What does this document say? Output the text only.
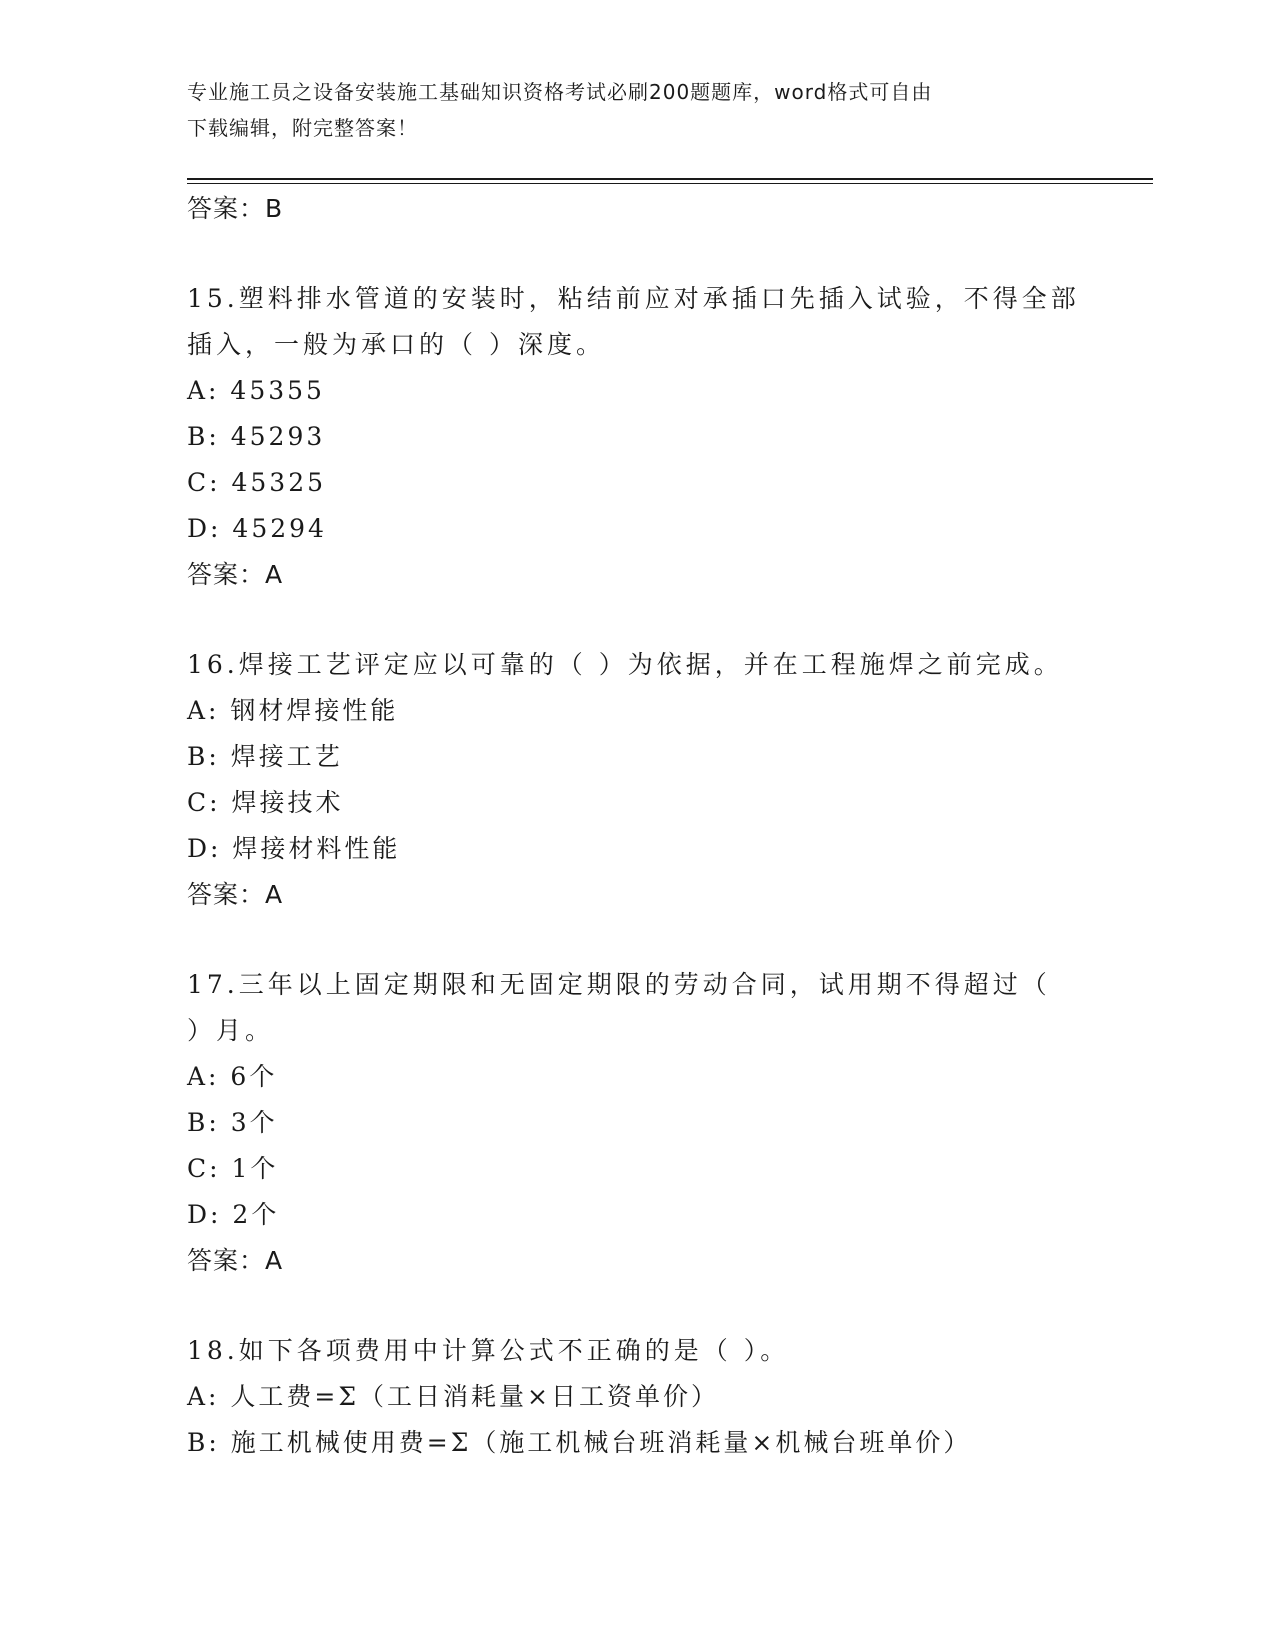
专业施工员之设备安装施工基础知识资格考试必刷200题题库，word格式可自由
下载编辑，附完整答案！

答案：B

15.塑料排水管道的安装时，粘结前应对承插口先插入试验，不得全部

插入，一般为承口的（ ）深度。

A: 45355

B: 45293

C: 45325

D: 45294

答案：A

16.焊接工艺评定应以可靠的（ ）为依据，并在工程施焊之前完成。

A: 钢材焊接性能

B: 焊接工艺

C: 焊接技术

D: 焊接材料性能

答案：A

17.三年以上固定期限和无固定期限的劳动合同，试用期不得超过（

）月。

A: 6个

B: 3个

C: 1个

D: 2个

答案：A

18.如下各项费用中计算公式不正确的是（ ）。

A: 人工费=Σ（工日消耗量×日工资单价）

B: 施工机械使用费=Σ（施工机械台班消耗量×机械台班单价）
